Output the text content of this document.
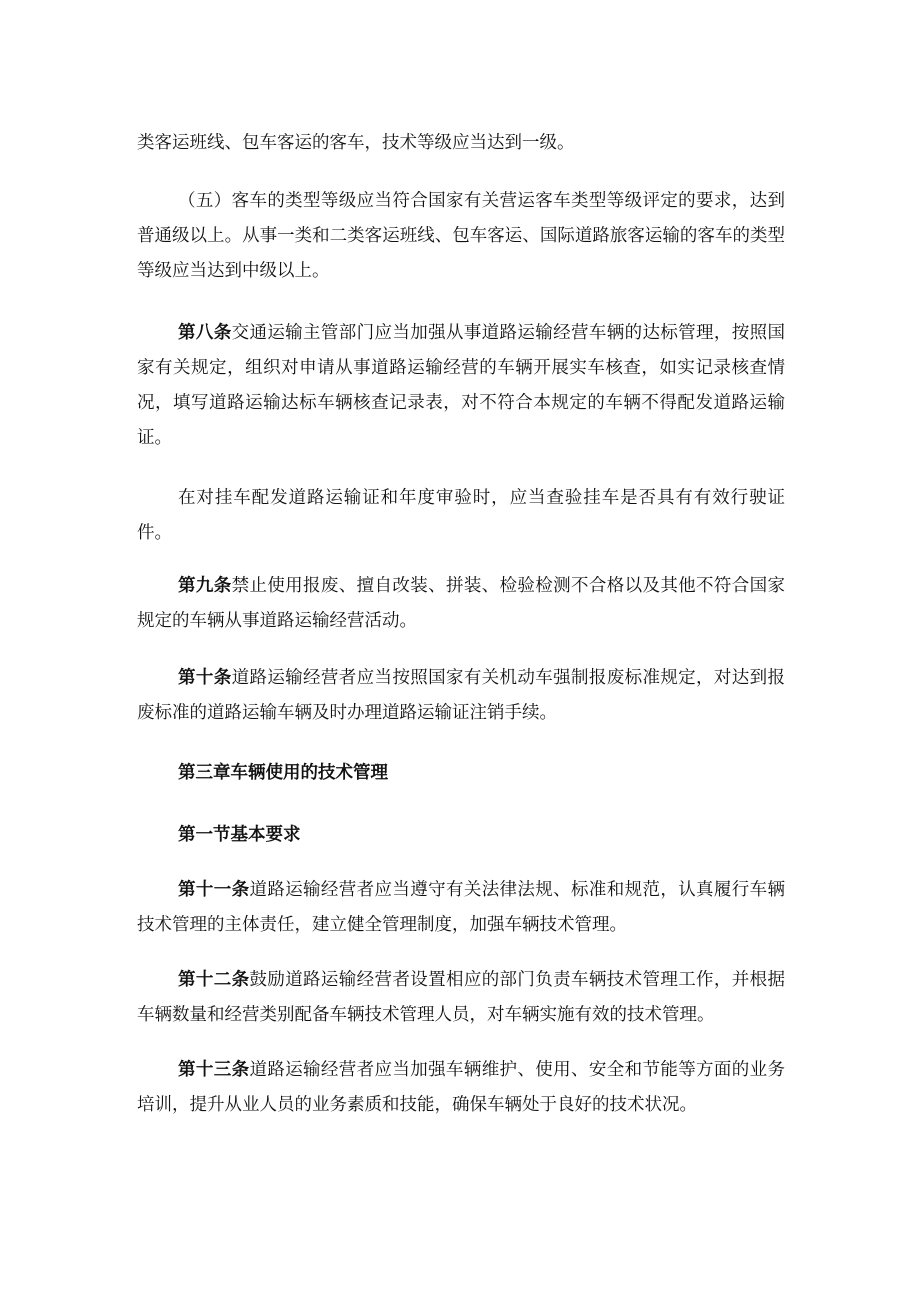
类客运班线、包车客运的客车，技术等级应当达到一级。

（五）客车的类型等级应当符合国家有关营运客车类型等级评定的要求，达到普通级以上。从事一类和二类客运班线、包车客运、国际道路旅客运输的客车的类型等级应当达到中级以上。

第八条交通运输主管部门应当加强从事道路运输经营车辆的达标管理，按照国家有关规定，组织对申请从事道路运输经营的车辆开展实车核查，如实记录核查情况，填写道路运输达标车辆核查记录表，对不符合本规定的车辆不得配发道路运输证。

在对挂车配发道路运输证和年度审验时，应当查验挂车是否具有有效行驶证件。

第九条禁止使用报废、擅自改装、拼装、检验检测不合格以及其他不符合国家规定的车辆从事道路运输经营活动。

第十条道路运输经营者应当按照国家有关机动车强制报废标准规定，对达到报废标准的道路运输车辆及时办理道路运输证注销手续。

第三章车辆使用的技术管理

第一节基本要求

第十一条道路运输经营者应当遵守有关法律法规、标准和规范，认真履行车辆技术管理的主体责任，建立健全管理制度，加强车辆技术管理。

第十二条鼓励道路运输经营者设置相应的部门负责车辆技术管理工作，并根据车辆数量和经营类别配备车辆技术管理人员，对车辆实施有效的技术管理。

第十三条道路运输经营者应当加强车辆维护、使用、安全和节能等方面的业务培训，提升从业人员的业务素质和技能，确保车辆处于良好的技术状况。
